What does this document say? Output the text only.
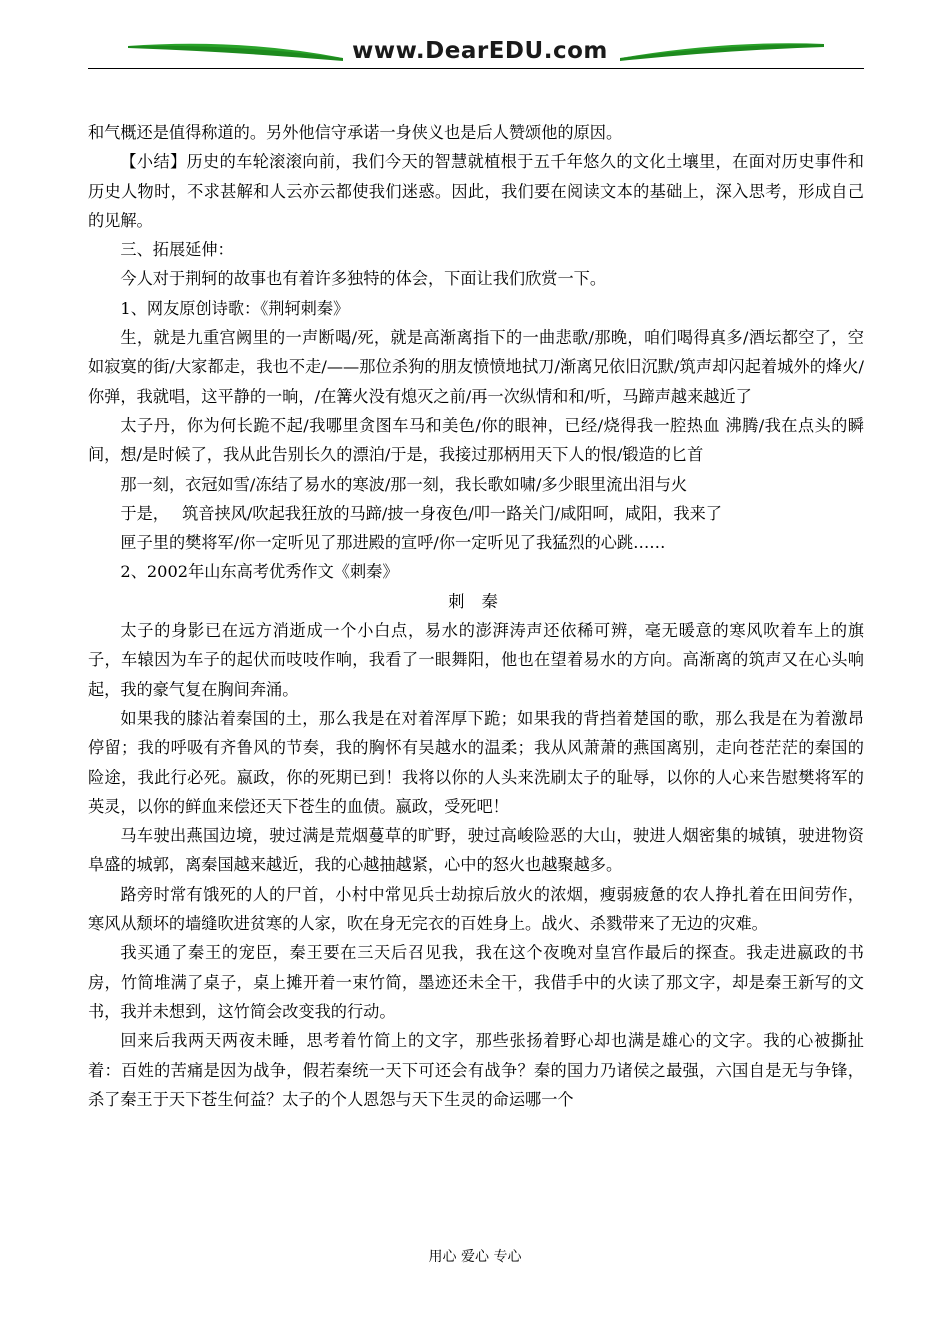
www.DearEDU.com

和气概还是值得称道的。另外他信守承诺一身侠义也是后人赞颂他的原因。

【小结】历史的车轮滚滚向前，我们今天的智慧就植根于五千年悠久的文化土壤里，在面对历史事件和历史人物时，不求甚解和人云亦云都使我们迷惑。因此，我们要在阅读文本的基础上，深入思考，形成自己的见解。

三、拓展延伸：

今人对于荆轲的故事也有着许多独特的体会，下面让我们欣赏一下。

1、网友原创诗歌：《荆轲刺秦》

生，就是九重宫阙里的一声断喝/死，就是高渐离指下的一曲悲歌/那晚，咱们喝得真多/酒坛都空了，空如寂寞的街/大家都走，我也不走/——那位杀狗的朋友愤愤地拭刀/渐离兄依旧沉默/筑声却闪起着城外的烽火/你弹，我就唱，这平静的一晌，/在篝火没有熄灭之前/再一次纵情和和/听，马蹄声越来越近了

太子丹，你为何长跪不起/我哪里贪图车马和美色/你的眼神，已经/烧得我一腔热血 沸腾/我在点头的瞬间，想/是时候了，我从此告别长久的漂泊/于是，我接过那柄用天下人的恨/锻造的匕首

那一刻，衣冠如雪/冻结了易水的寒波/那一刻，我长歌如啸/多少眼里流出泪与火

于是，　 筑音挟风/吹起我狂放的马蹄/披一身夜色/叩一路关门/咸阳呵，咸阳，我来了

匣子里的樊将军/你一定听见了那进殿的宣呼/你一定听见了我猛烈的心跳……

2、2002年山东高考优秀作文《刺秦》

刺 秦

太子的身影已在远方消逝成一个小白点，易水的澎湃涛声还依稀可辨，毫无暖意的寒风吹着车上的旗子，车辕因为车子的起伏而吱吱作响，我看了一眼舞阳，他也在望着易水的方向。高渐离的筑声又在心头响起，我的豪气复在胸间奔涌。

如果我的膝沾着秦国的土，那么我是在对着浑厚下跪；如果我的背挡着楚国的歌，那么我是在为着激昂停留；我的呼吸有齐鲁风的节奏，我的胸怀有吴越水的温柔；我从风萧萧的燕国离别，走向苍茫茫的秦国的险途，我此行必死。嬴政，你的死期已到！我将以你的人头来洗刷太子的耻辱，以你的人心来告慰樊将军的英灵，以你的鲜血来偿还天下苍生的血债。嬴政，受死吧！

马车驶出燕国边境，驶过满是荒烟蔓草的旷野，驶过高峻险恶的大山，驶进人烟密集的城镇，驶进物资阜盛的城郭，离秦国越来越近，我的心越抽越紧，心中的怒火也越聚越多。

路旁时常有饿死的人的尸首，小村中常见兵士劫掠后放火的浓烟，瘦弱疲惫的农人挣扎着在田间劳作，寒风从颓坏的墙缝吹进贫寒的人家，吹在身无完衣的百姓身上。战火、杀戮带来了无边的灾难。

我买通了秦王的宠臣，秦王要在三天后召见我，我在这个夜晚对皇宫作最后的探查。我走进嬴政的书房，竹简堆满了桌子，桌上摊开着一束竹简，墨迹还未全干，我借手中的火读了那文字，却是秦王新写的文书，我并未想到，这竹简会改变我的行动。

回来后我两天两夜未睡，思考着竹简上的文字，那些张扬着野心却也满是雄心的文字。我的心被撕扯着：百姓的苦痛是因为战争，假若秦统一天下可还会有战争？秦的国力乃诸侯之最强，六国自是无与争锋，杀了秦王于天下苍生何益？太子的个人恩怨与天下生灵的命运哪一个

用心 爱心 专心
